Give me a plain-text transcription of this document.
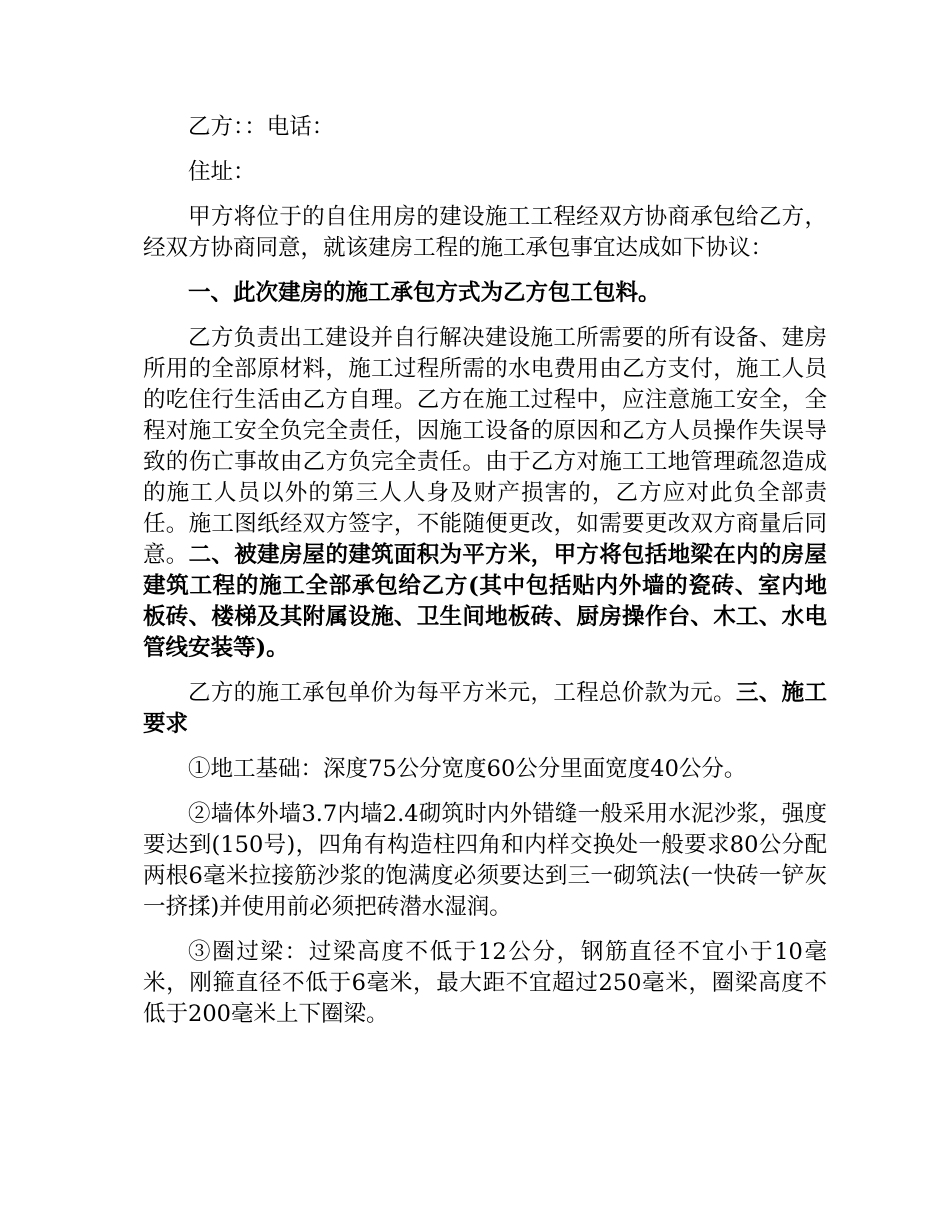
乙方：：电话：

住址：

甲方将位于的自住用房的建设施工工程经双方协商承包给乙方，经双方协商同意，就该建房工程的施工承包事宜达成如下协议：

一、此次建房的施工承包方式为乙方包工包料。

乙方负责出工建设并自行解决建设施工所需要的所有设备、建房所用的全部原材料，施工过程所需的水电费用由乙方支付，施工人员的吃住行生活由乙方自理。乙方在施工过程中，应注意施工安全，全程对施工安全负完全责任，因施工设备的原因和乙方人员操作失误导致的伤亡事故由乙方负完全责任。由于乙方对施工工地管理疏忽造成的施工人员以外的第三人人身及财产损害的，乙方应对此负全部责任。施工图纸经双方签字，不能随便更改，如需要更改双方商量后同意。二、被建房屋的建筑面积为平方米，甲方将包括地梁在内的房屋建筑工程的施工全部承包给乙方(其中包括贴内外墙的瓷砖、室内地板砖、楼梯及其附属设施、卫生间地板砖、厨房操作台、木工、水电管线安装等)。

乙方的施工承包单价为每平方米元，工程总价款为元。三、施工要求

①地工基础：深度75公分宽度60公分里面宽度40公分。

②墙体外墙3.7内墙2.4砌筑时内外错缝一般采用水泥沙浆，强度要达到(150号)，四角有构造柱四角和内样交换处一般要求80公分配两根6毫米拉接筋沙浆的饱满度必须要达到三一砌筑法(一快砖一铲灰一挤揉)并使用前必须把砖潜水湿润。

③圈过梁：过梁高度不低于12公分，钢筋直径不宜小于10毫米，刚箍直径不低于6毫米，最大距不宜超过250毫米，圈梁高度不低于200毫米上下圈梁。
